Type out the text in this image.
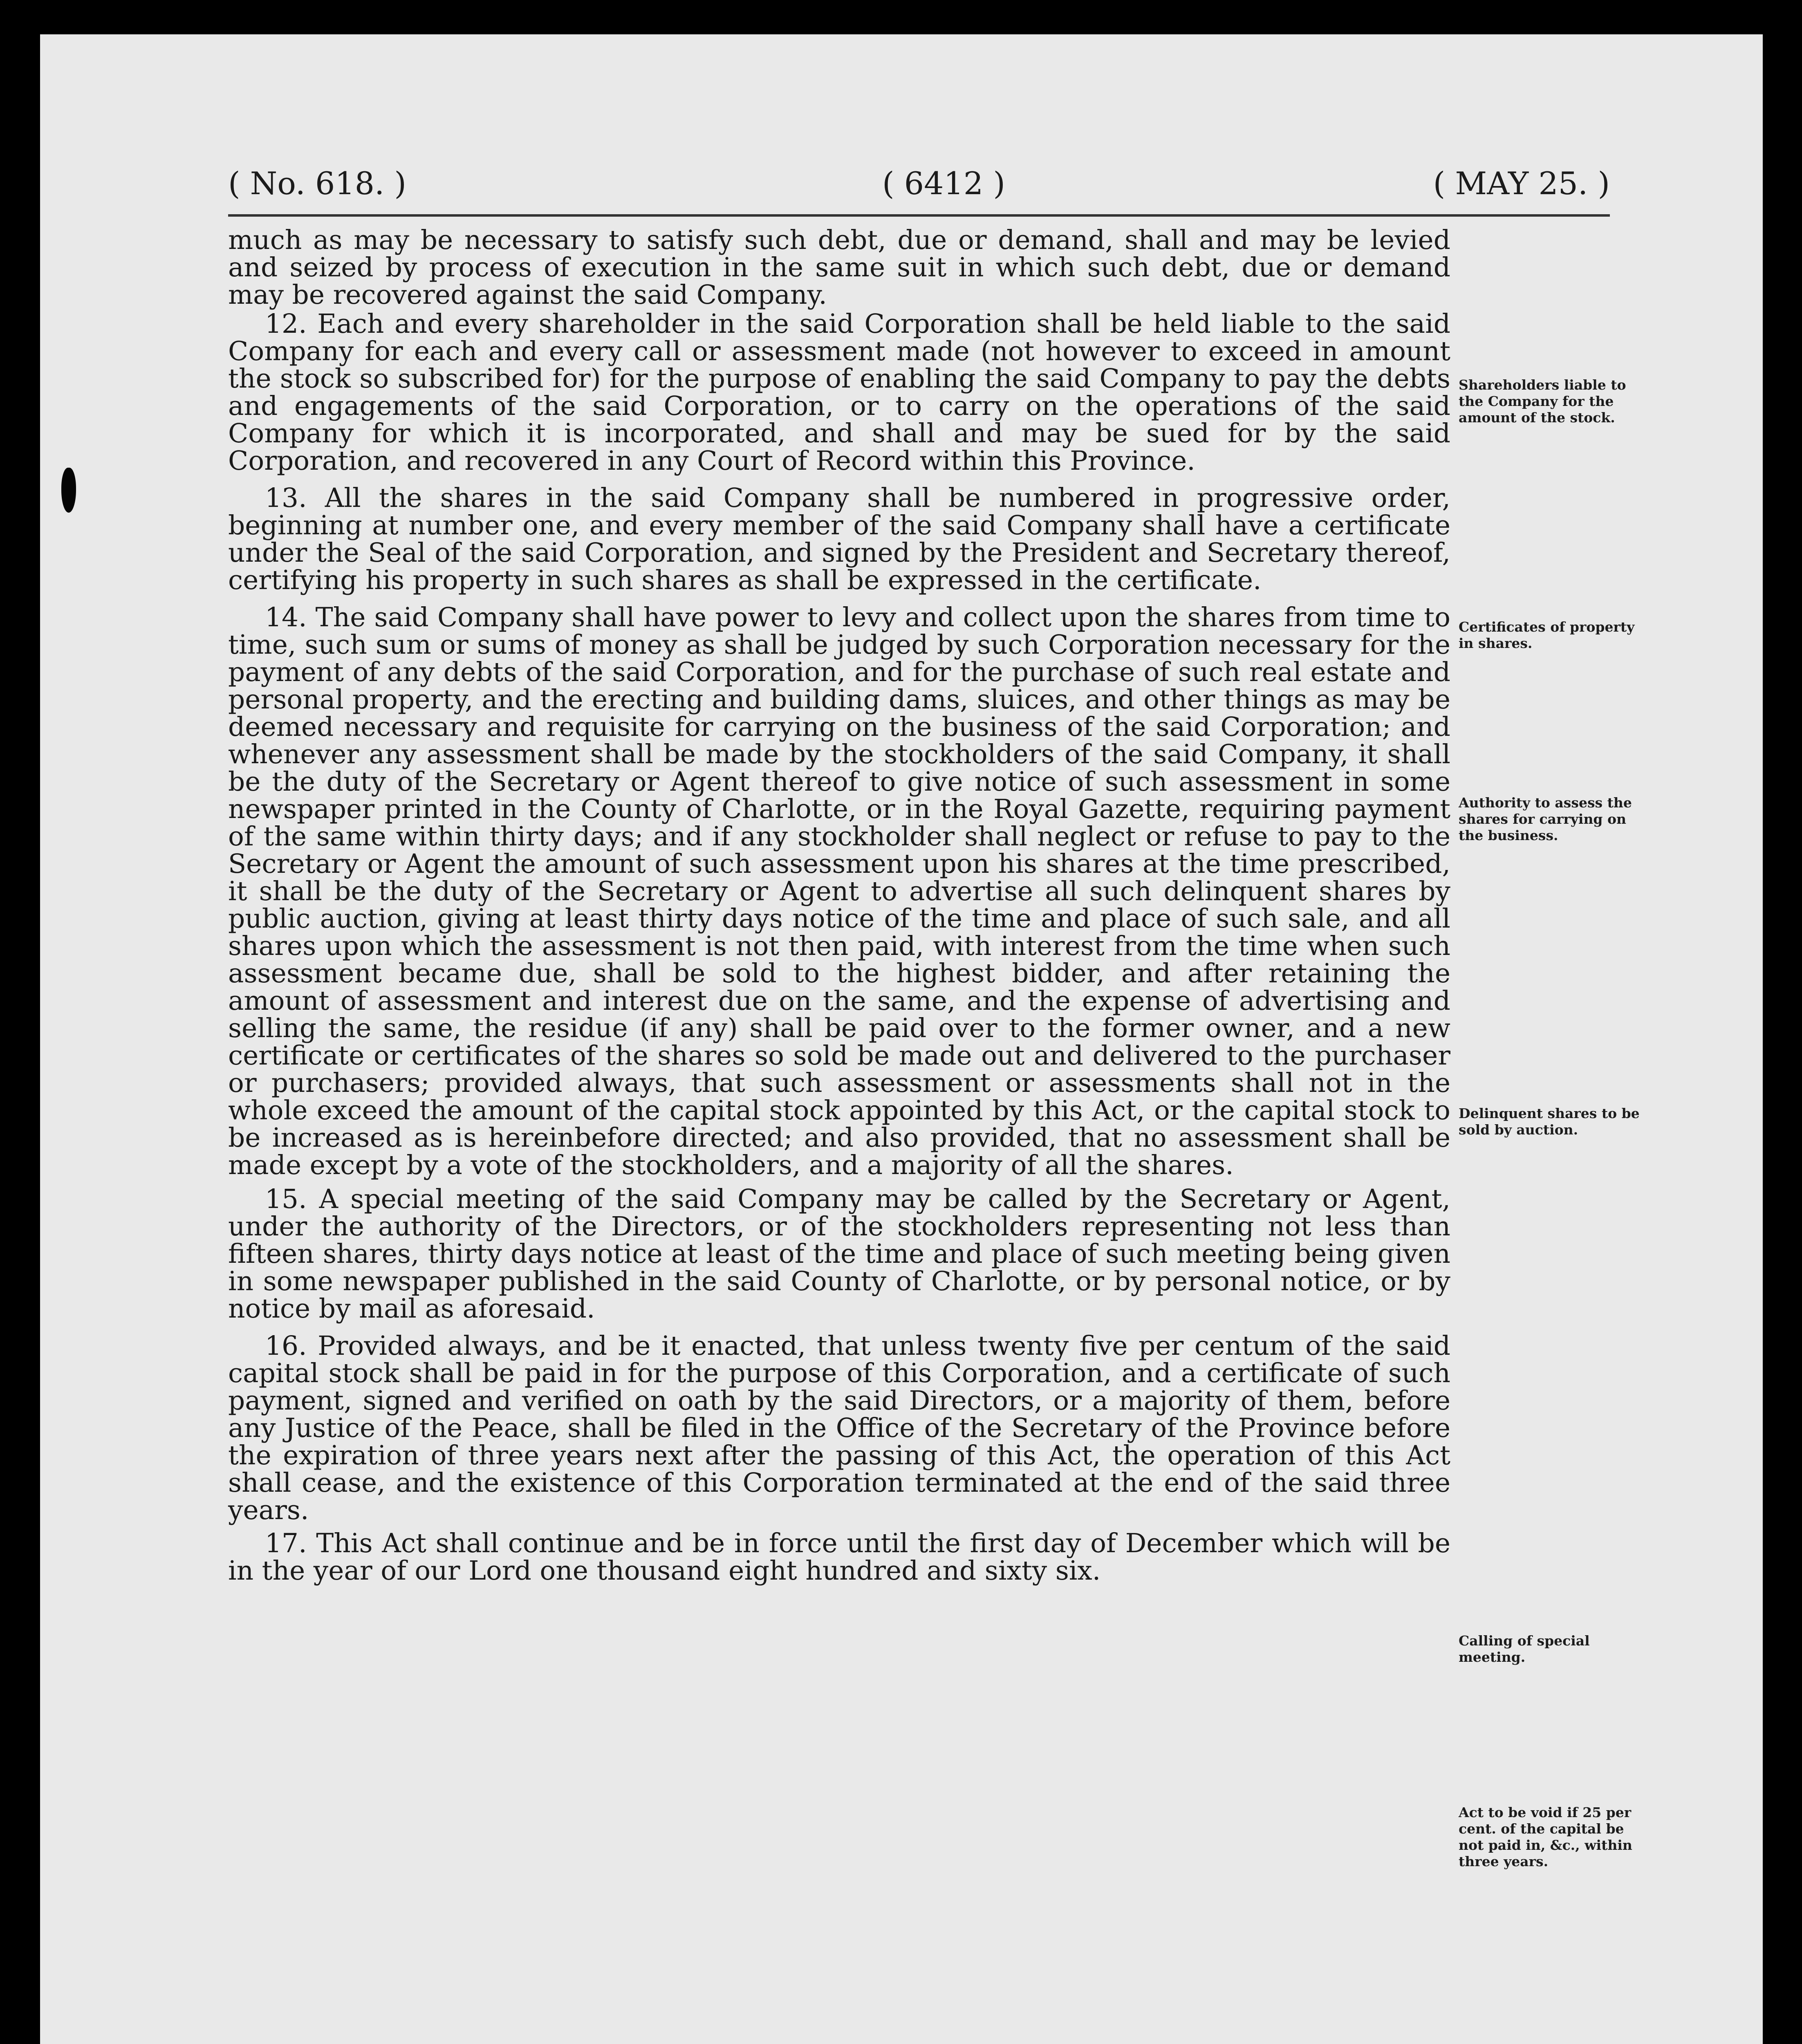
( No. 618. )	( 6412 )	( MAY 25. )

much as may be necessary to satisfy such debt, due or demand, shall and may be levied and seized by process of execution in the same suit in which such debt, due or demand may be recovered against the said Company.

12. Each and every shareholder in the said Corporation shall be held liable to the said Company for each and every call or assessment made (not however to exceed in amount the stock so subscribed for) for the purpose of enabling the said Company to pay the debts and engagements of the said Corporation, or to carry on the operations of the said Company for which it is incorporated, and shall and may be sued for by the said Corporation, and recovered in any Court of Record within this Province.

13. All the shares in the said Company shall be numbered in progressive order, beginning at number one, and every member of the said Company shall have a certificate under the Seal of the said Corporation, and signed by the President and Secretary thereof, certifying his property in such shares as shall be expressed in the certificate.

14. The said Company shall have power to levy and collect upon the shares from time to time, such sum or sums of money as shall be judged by such Corporation necessary for the payment of any debts of the said Corporation, and for the purchase of such real estate and personal property, and the erecting and building dams, sluices, and other things as may be deemed necessary and requisite for carrying on the business of the said Corporation; and whenever any assessment shall be made by the stockholders of the said Company, it shall be the duty of the Secretary or Agent thereof to give notice of such assessment in some newspaper printed in the County of Charlotte, or in the Royal Gazette, requiring payment of the same within thirty days; and if any stockholder shall neglect or refuse to pay to the Secretary or Agent the amount of such assessment upon his shares at the time prescribed, it shall be the duty of the Secretary or Agent to advertise all such delinquent shares by public auction, giving at least thirty days notice of the time and place of such sale, and all shares upon which the assessment is not then paid, with interest from the time when such assessment became due, shall be sold to the highest bidder, and after retaining the amount of assessment and interest due on the same, and the expense of advertising and selling the same, the residue (if any) shall be paid over to the former owner, and a new certificate or certificates of the shares so sold be made out and delivered to the purchaser or purchasers; provided always, that such assessment or assessments shall not in the whole exceed the amount of the capital stock appointed by this Act, or the capital stock to be increased as is hereinbefore directed; and also provided, that no assessment shall be made except by a vote of the stockholders, and a majority of all the shares.

15. A special meeting of the said Company may be called by the Secretary or Agent, under the authority of the Directors, or of the stockholders representing not less than fifteen shares, thirty days notice at least of the time and place of such meeting being given in some newspaper published in the said County of Charlotte, or by personal notice, or by notice by mail as aforesaid.

16. Provided always, and be it enacted, that unless twenty five per centum of the said capital stock shall be paid in for the purpose of this Corporation, and a certificate of such payment, signed and verified on oath by the said Directors, or a majority of them, before any Justice of the Peace, shall be filed in the Office of the Secretary of the Province before the expiration of three years next after the passing of this Act, the operation of this Act shall cease, and the existence of this Corporation terminated at the end of the said three years.

17. This Act shall continue and be in force until the first day of December which will be in the year of our Lord one thousand eight hundred and sixty six.

Shareholders liable to the Company for the amount of the stock.
Certificates of property in shares.
Authority to assess the shares for carrying on the business.
Delinquent shares to be sold by auction.
Calling of special meeting.
Act to be void if 25 per cent. of the capital be not paid in, &c., within three years.
